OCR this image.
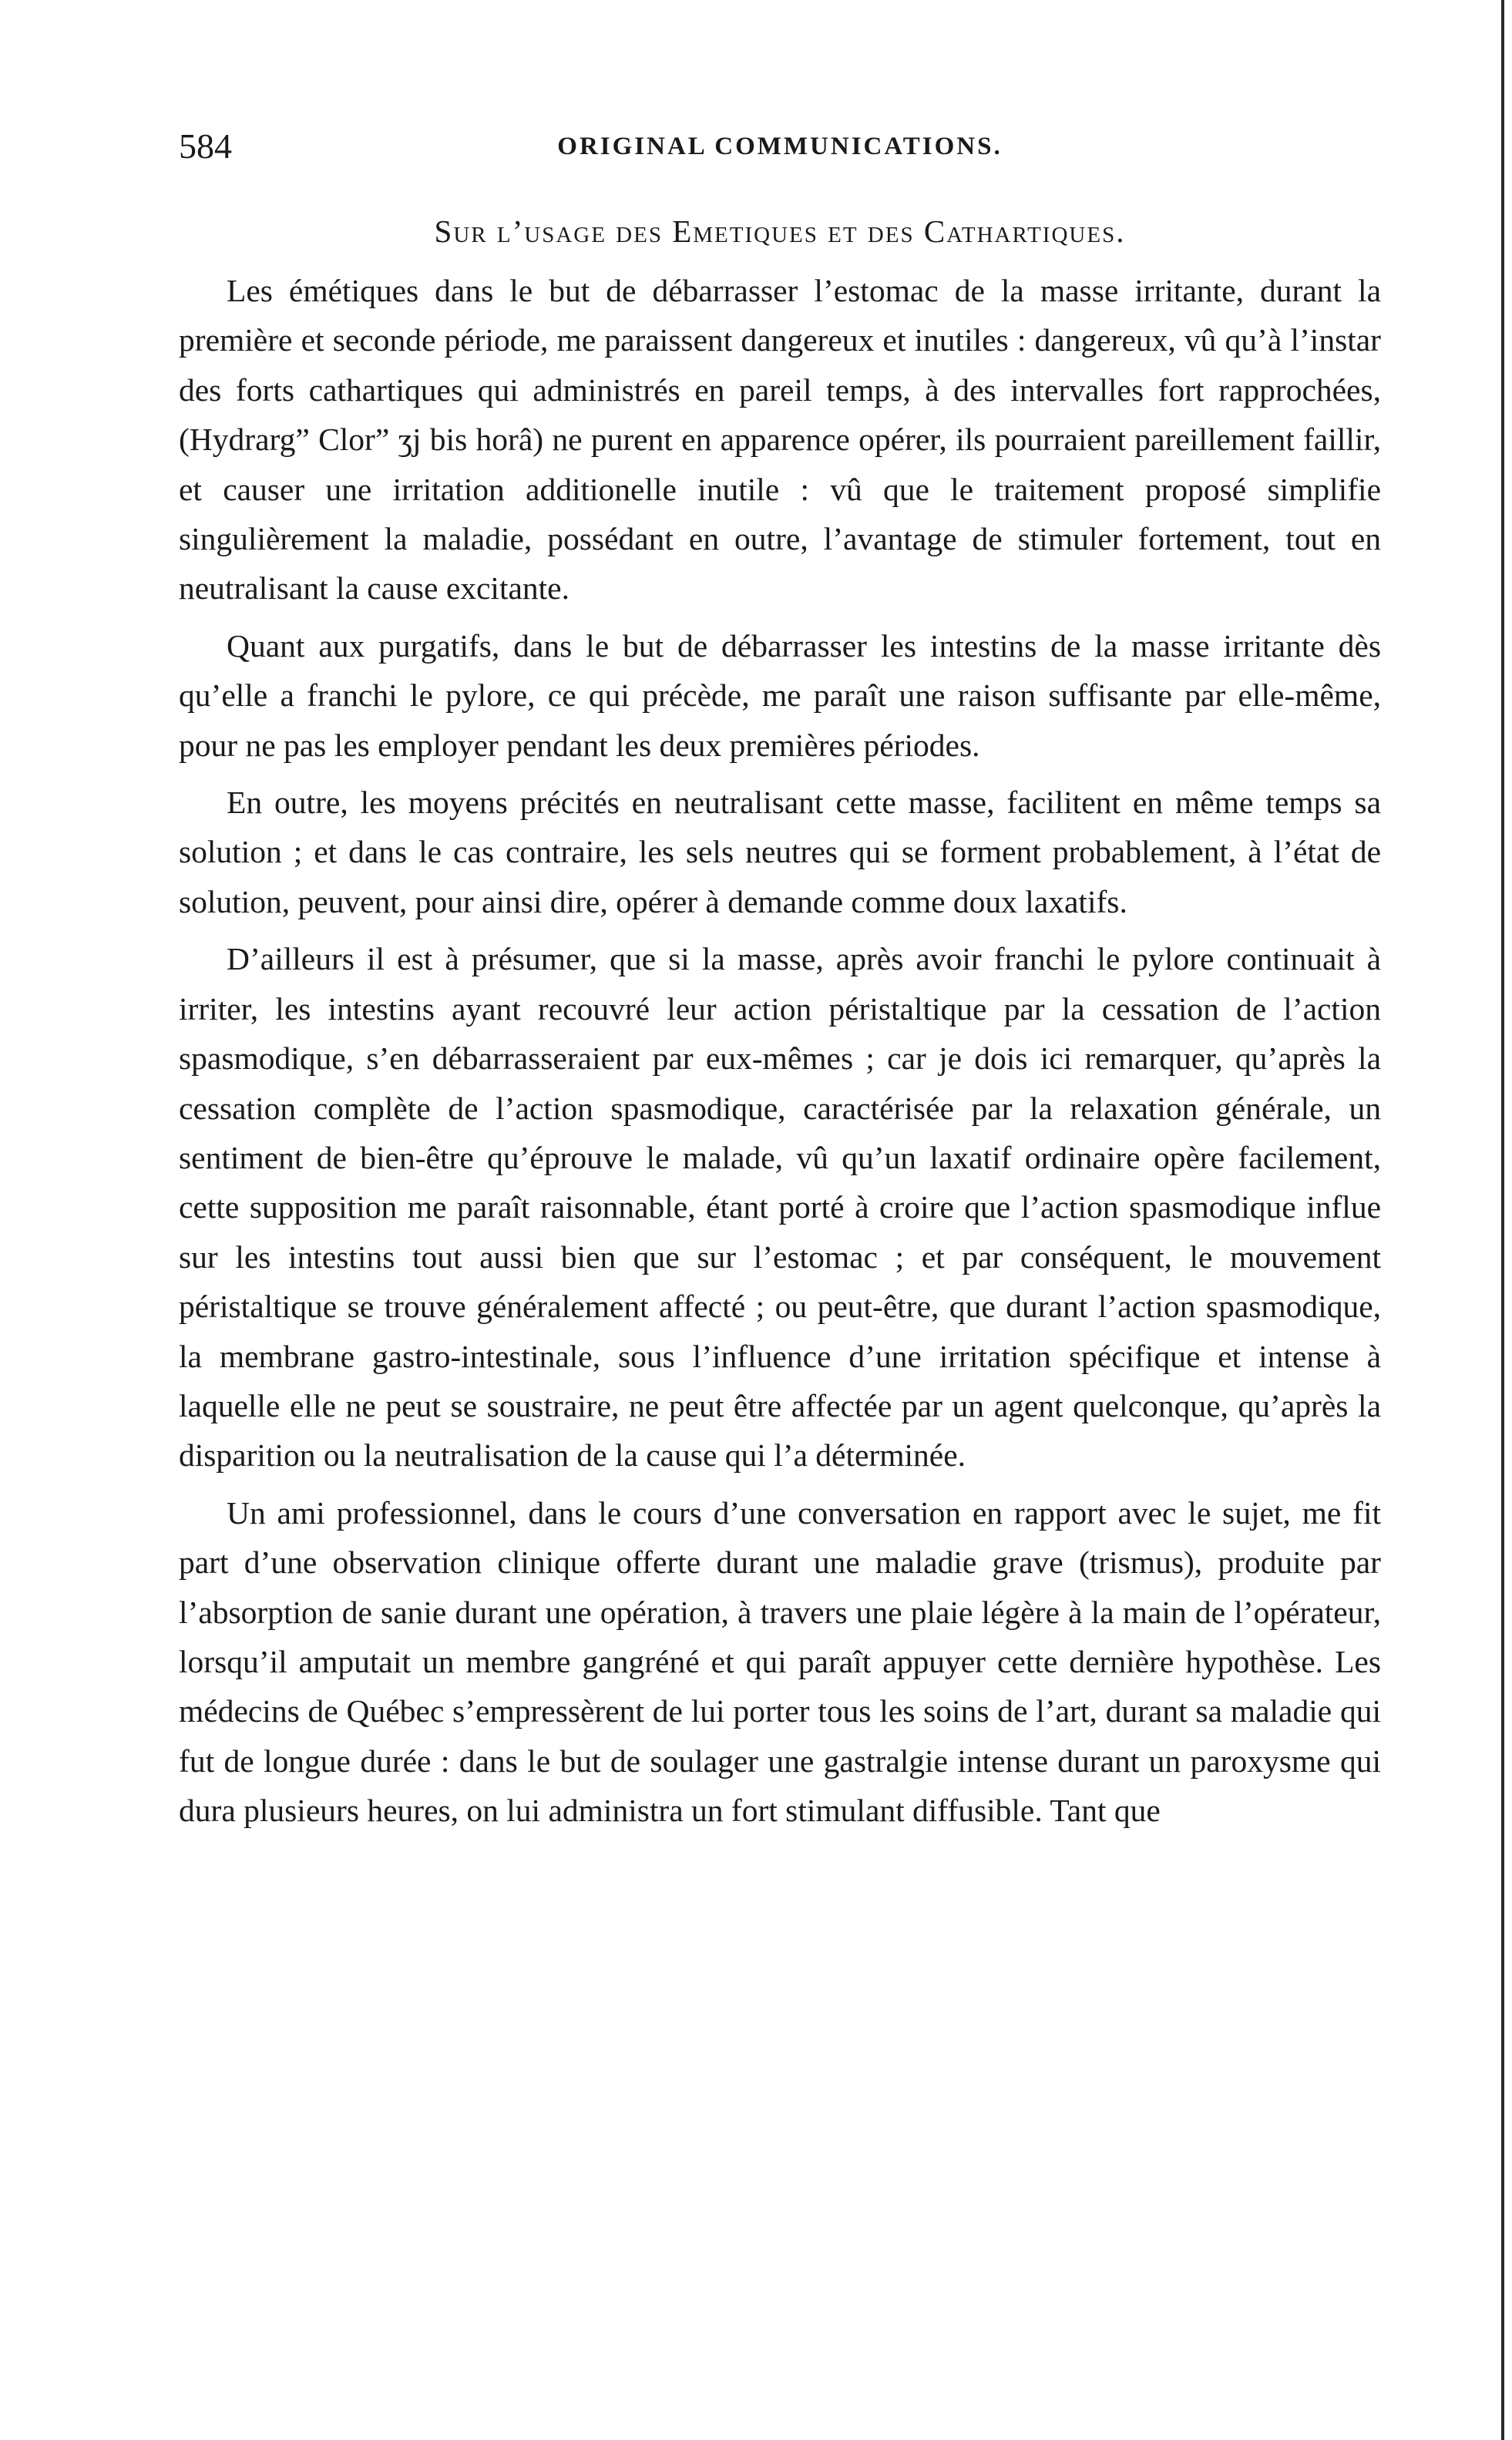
584	ORIGINAL COMMUNICATIONS.
Sur l’usage des Emetiques et des Cathartiques.

Les émétiques dans le but de débarrasser l’estomac de la masse irritante, durant la première et seconde période, me paraissent dangereux et inutiles : dangereux, vû qu’à l’instar des forts cathartiques qui administrés en pareil temps, à des intervalles fort rapprochées, (Hydrarg” Clor” ʒj bis horâ) ne purent en apparence opérer, ils pourraient pareillement faillir, et causer une irritation additionelle inutile : vû que le traitement proposé simplifie singulièrement la maladie, possédant en outre, l’avantage de stimuler fortement, tout en neutralisant la cause excitante.

Quant aux purgatifs, dans le but de débarrasser les intestins de la masse irritante dès qu’elle a franchi le pylore, ce qui précède, me paraît une raison suffisante par elle-même, pour ne pas les employer pendant les deux premières périodes.

En outre, les moyens précités en neutralisant cette masse, facilitent en même temps sa solution ; et dans le cas contraire, les sels neutres qui se forment probablement, à l’état de solution, peuvent, pour ainsi dire, opérer à demande comme doux laxatifs.

D’ailleurs il est à présumer, que si la masse, après avoir franchi le pylore continuait à irriter, les intestins ayant recouvré leur action péristaltique par la cessation de l’action spasmodique, s’en débarrasseraient par eux-mêmes ; car je dois ici remarquer, qu’après la cessation complète de l’action spasmodique, caractérisée par la relaxation générale, un sentiment de bien-être qu’éprouve le malade, vû qu’un laxatif ordinaire opère facilement, cette supposition me paraît raisonnable, étant porté à croire que l’action spasmodique influe sur les intestins tout aussi bien que sur l’estomac ; et par conséquent, le mouvement péristaltique se trouve généralement affecté ; ou peut-être, que durant l’action spasmodique, la membrane gastro-intestinale, sous l’influence d’une irritation spécifique et intense à laquelle elle ne peut se soustraire, ne peut être affectée par un agent quelconque, qu’après la disparition ou la neutralisation de la cause qui l’a déterminée.

Un ami professionnel, dans le cours d’une conversation en rapport avec le sujet, me fit part d’une observation clinique offerte durant une maladie grave (trismus), produite par l’absorption de sanie durant une opération, à travers une plaie légère à la main de l’opérateur, lorsqu’il amputait un membre gangréné et qui paraît appuyer cette dernière hypothèse. Les médecins de Québec s’empressèrent de lui porter tous les soins de l’art, durant sa maladie qui fut de longue durée : dans le but de soulager une gastralgie intense durant un paroxysme qui dura plusieurs heures, on lui administra un fort stimulant diffusible. Tant que
